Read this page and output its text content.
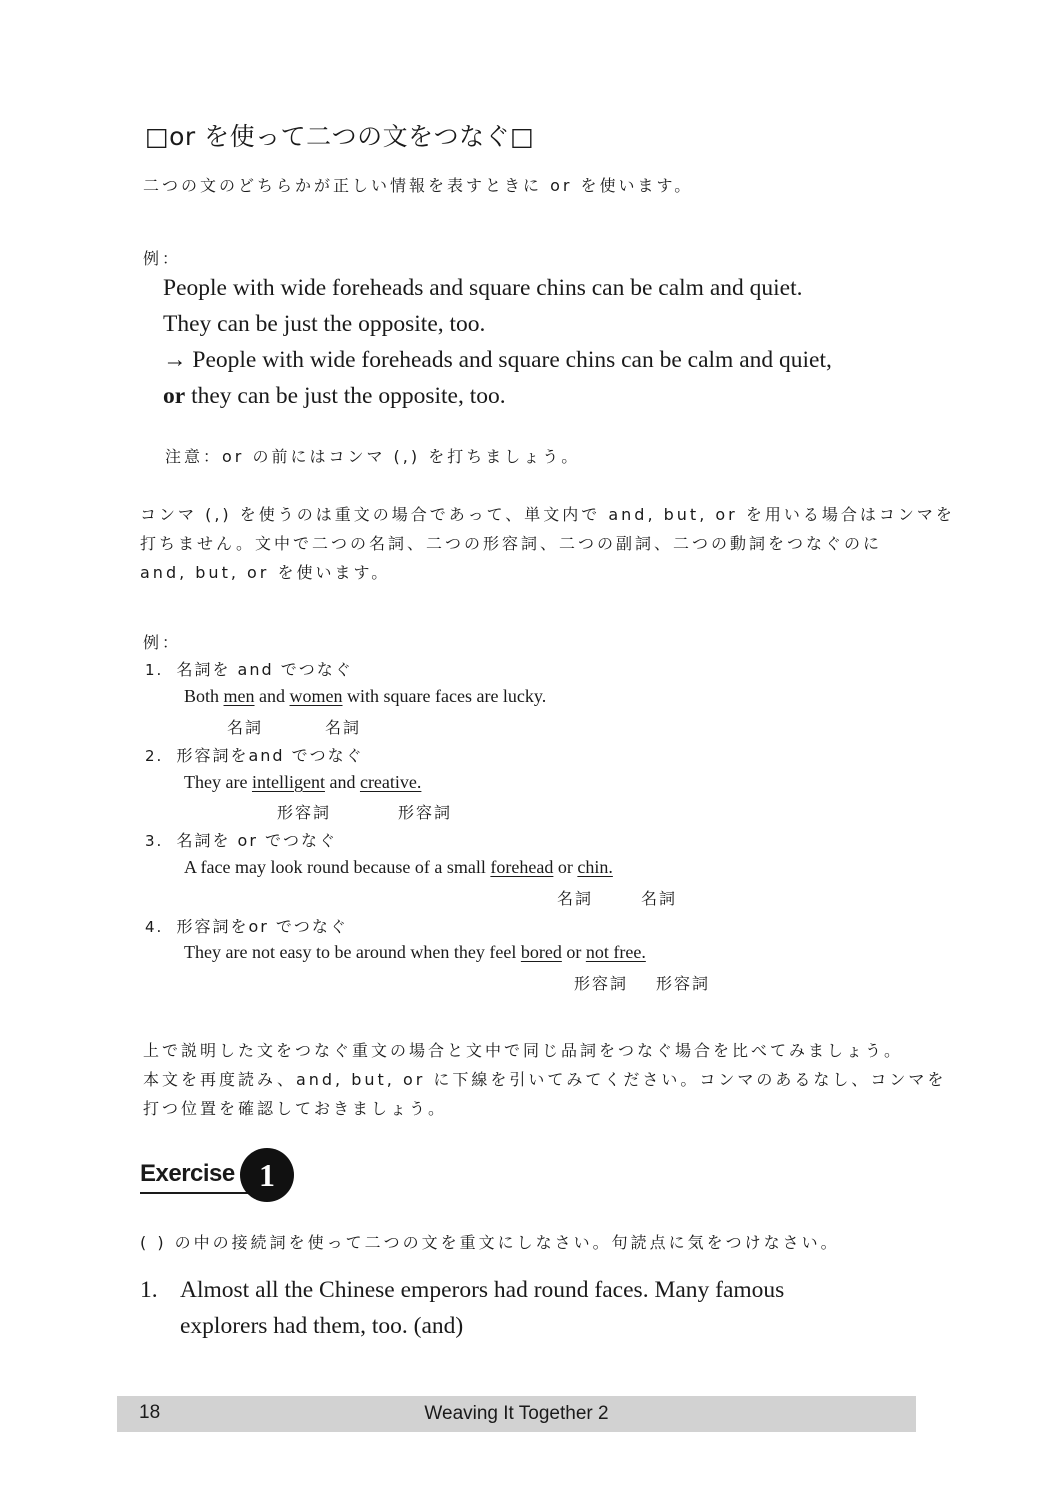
□or を使って二つの文をつなぐ□
二つの文のどちらかが正しい情報を表すときに or を使います。
例：
People with wide foreheads and square chins can be calm and quiet.
They can be just the opposite, too.
→ People with wide foreheads and square chins can be calm and quiet,
or they can be just the opposite, too.
注意：or の前にはコンマ (,) を打ちましょう。
コンマ (,) を使うのは重文の場合であって、単文内で and, but, or を用いる場合はコンマを
打ちません。文中で二つの名詞、二つの形容詞、二つの副詞、二つの動詞をつなぐのに
and, but, or を使います。
例：
1. 名詞を and でつなぐ
Both men and women with square faces are lucky.
名詞	名詞
2. 形容詞をand でつなぐ
They are intelligent and creative.
形容詞	形容詞
3. 名詞を or でつなぐ
A face may look round because of a small forehead or chin.
名詞	名詞
4. 形容詞をor でつなぐ
They are not easy to be around when they feel bored or not free.
形容詞 形容詞
上で説明した文をつなぐ重文の場合と文中で同じ品詞をつなぐ場合を比べてみましょう。
本文を再度読み、and, but, or に下線を引いてみてください。コンマのあるなし、コンマを
打つ位置を確認しておきましょう。
Exercise 1
( ) の中の接続詞を使って二つの文を重文にしなさい。句読点に気をつけなさい。
1. Almost all the Chinese emperors had round faces. Many famous
explorers had them, too. (and)
18	Weaving It Together 2
